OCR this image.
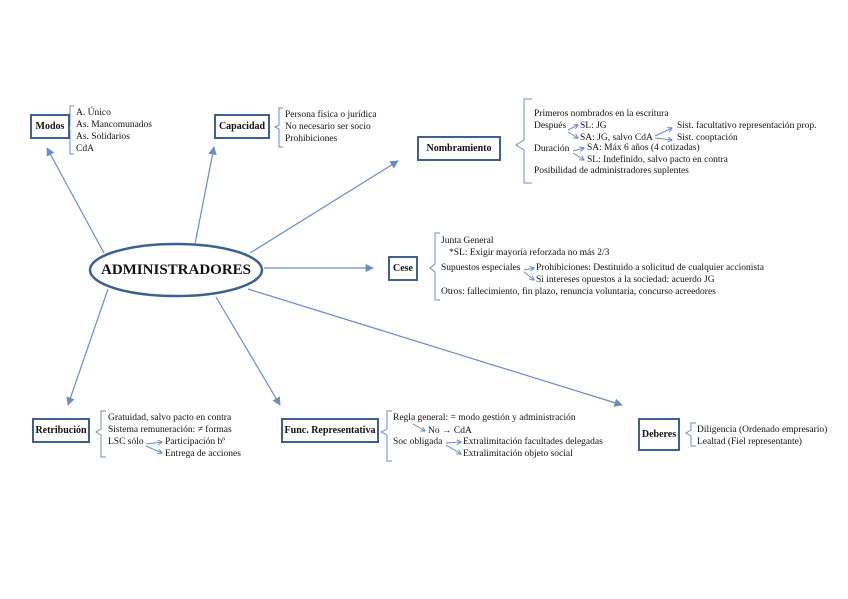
ADMINISTRADORES
Modos
A. Único
As. Mancomunados
As. Solidarios
CdA
Capacidad
Persona física o jurídica
No necesario ser socio
Prohibiciones
Nombramiento
Primeros nombrados en la escritura
Después SL: JG
SA: JG, salvo CdA
Sist. facultativo representación prop.
Sist. cooptación
Duración SA: Máx 6 años (4 cotizadas)
SL: Indefinido, salvo pacto en contra
Posibilidad de administradores suplentes
Cese
Junta General
*SL: Exigir mayoría reforzada no más 2/3
Supuestos especiales Prohibiciones: Destituido a solicitud de cualquier accionista
Si intereses opuestos a la sociedad: acuerdo JG
Otros: fallecimiento, fin plazo, renuncia voluntaria, concurso acreedores
Retribución
Gratuidad, salvo pacto en contra
Sistema remuneración: ≠ formas
LSC sólo Participación bº
Entrega de acciones
Func. Representativa
Regla general: = modo gestión y administración
No → CdA
Soc obligada Extralimitación facultades delegadas
Extralimitación objeto social
Deberes Diligencia (Ordenado empresario)
Lealtad (Fiel representante)
